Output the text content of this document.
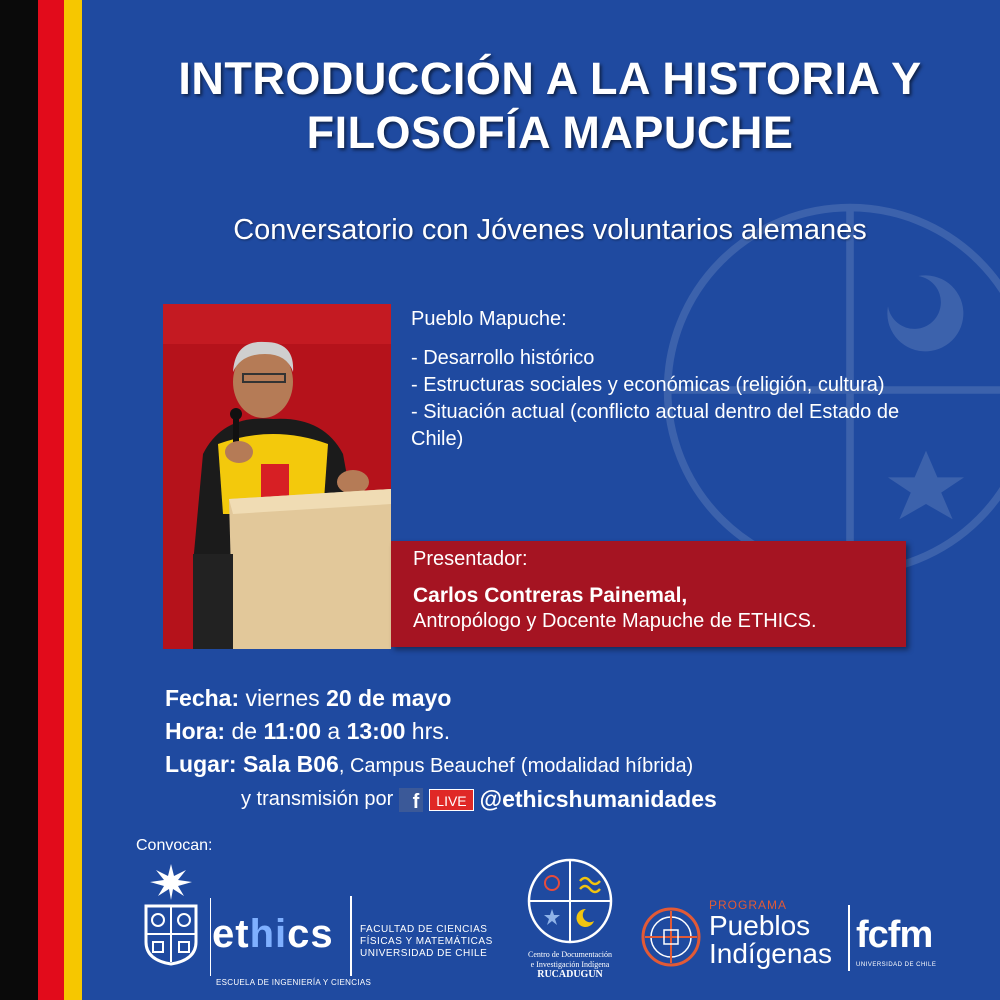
INTRODUCCIÓN A LA HISTORIA Y
FILOSOFÍA MAPUCHE
Conversatorio con Jóvenes voluntarios alemanes
Pueblo Mapuche:
- Desarrollo histórico
- Estructuras sociales y económicas (religión, cultura)
- Situación actual (conflicto actual dentro del Estado de Chile)
Presentador:
Carlos Contreras Painemal,
Antropólogo y Docente Mapuche de ETHICS.
Fecha: viernes 20 de mayo
Hora: de 11:00 a 13:00 hrs.
Lugar: Sala B06, Campus Beauchef (modalidad híbrida)
y transmisión por f	LIVE @ethicshumanidades
Convocan:
ethics
ESCUELA DE INGENIERÍA Y CIENCIAS
FACULTAD DE CIENCIAS
FÍSICAS Y MATEMÁTICAS
UNIVERSIDAD DE CHILE	Centro de Documentación
e Investigación Indígena
RUCADUGUN
PROGRAMA
Pueblos
Indígenas fcfm
UNIVERSIDAD DE CHILE
